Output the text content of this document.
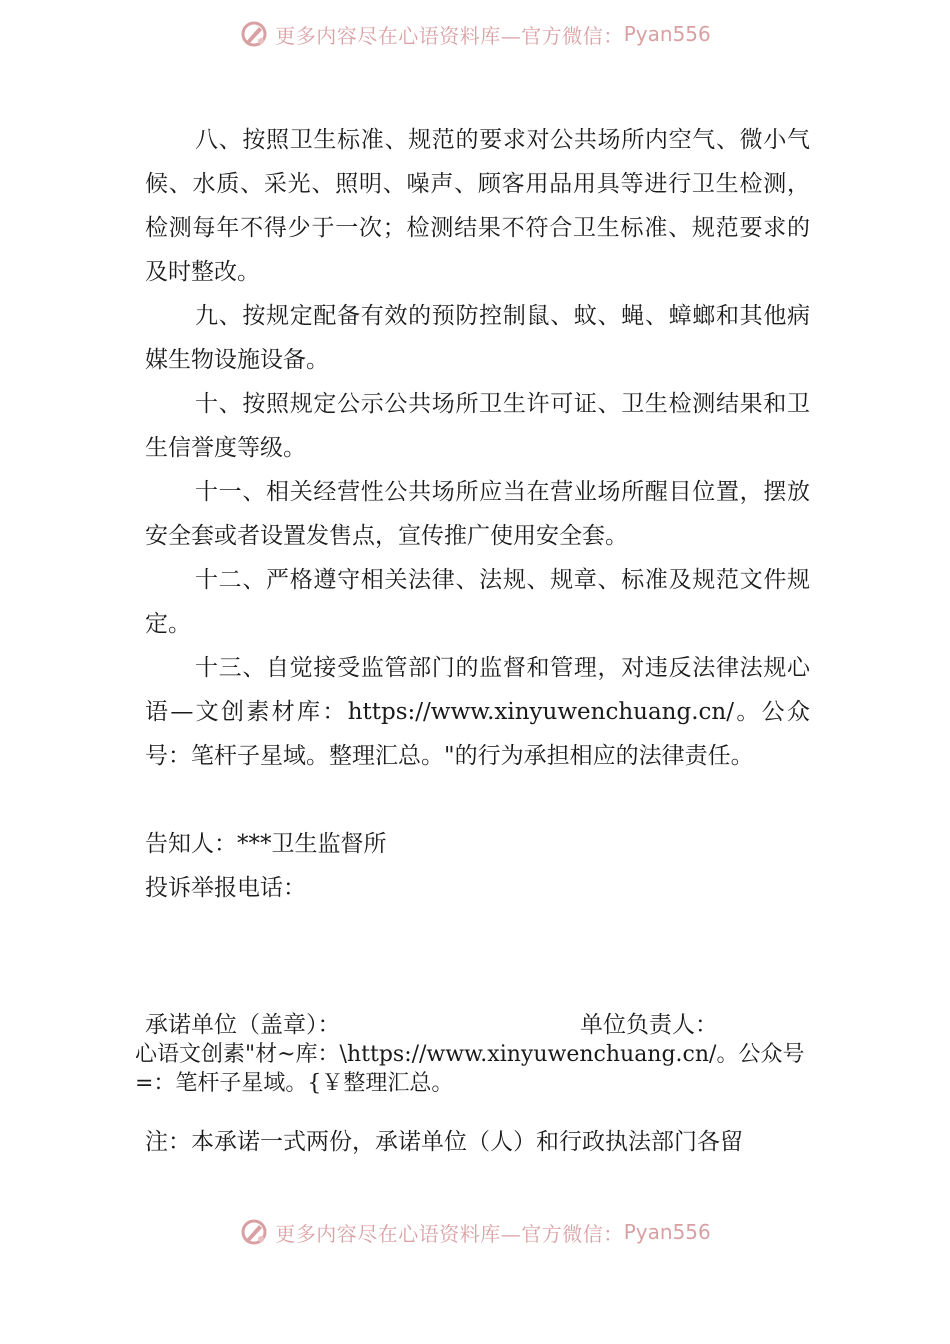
更多内容尽在心语资料库—官方微信： Pyan556

八、按照卫生标准、规范的要求对公共场所内空气、微小气候、水质、采光、照明、噪声、顾客用品用具等进行卫生检测，检测每年不得少于一次；检测结果不符合卫生标准、规范要求的及时整改。

九、按规定配备有效的预防控制鼠、蚊、蝇、蟑螂和其他病媒生物设施设备。

十、按照规定公示公共场所卫生许可证、卫生检测结果和卫生信誉度等级。

十一、相关经营性公共场所应当在营业场所醒目位置，摆放安全套或者设置发售点，宣传推广使用安全套。

十二、严格遵守相关法律、法规、规章、标准及规范文件规定。

十三、自觉接受监管部门的监督和管理，对违反法律法规心语—文创素材库：https://www.xinyuwenchuang.cn/。公众号：笔杆子星域。整理汇总。"的行为承担相应的法律责任。

告知人：***卫生监督所

投诉举报电话：

承诺单位（盖章）：	单位负责人：
心语文创素"材~库：\https://www.xinyuwenchuang.cn/。公众号=：笔杆子星域。{￥整理汇总。
注：本承诺一式两份，承诺单位（人）和行政执法部门各留
更多内容尽在心语资料库—官方微信： Pyan556
